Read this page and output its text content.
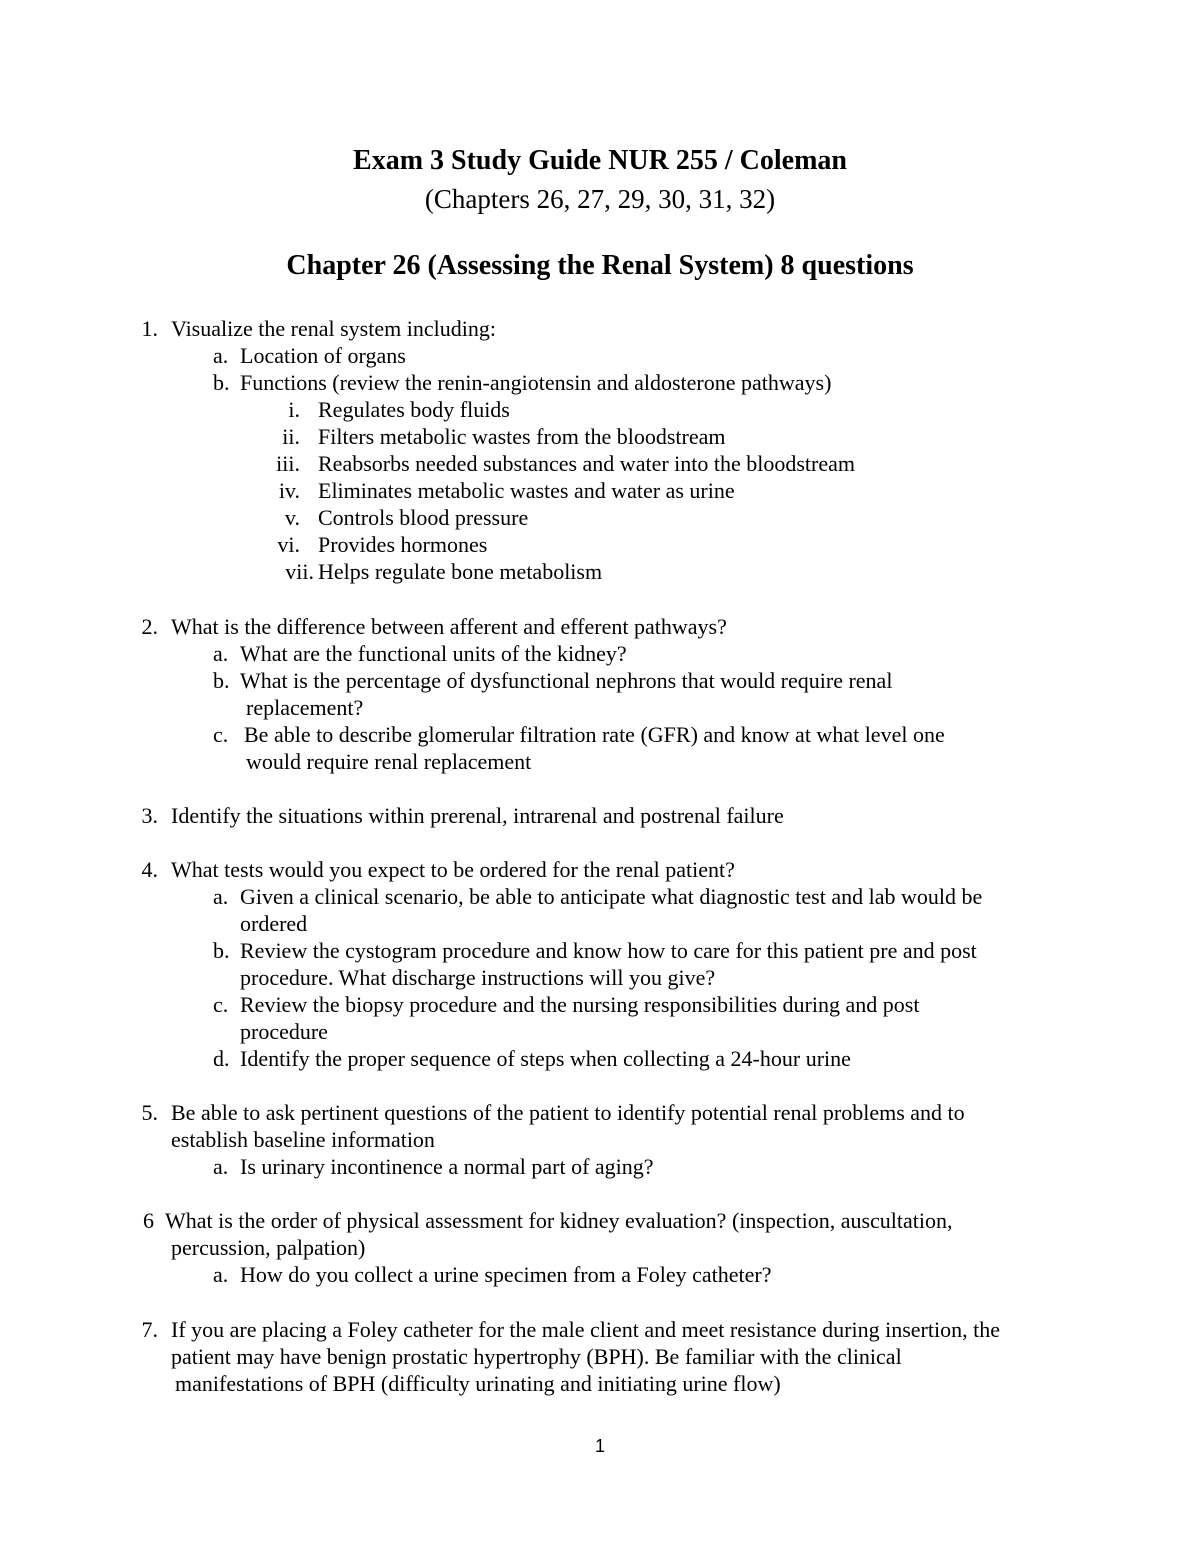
Exam 3 Study Guide NUR 255 / Coleman
(Chapters 26, 27, 29, 30, 31, 32)
Chapter 26 (Assessing the Renal System) 8 questions
1. Visualize the renal system including:
a. Location of organs
b. Functions (review the renin-angiotensin and aldosterone pathways)
i. Regulates body fluids
ii. Filters metabolic wastes from the bloodstream
iii. Reabsorbs needed substances and water into the bloodstream
iv. Eliminates metabolic wastes and water as urine
v. Controls blood pressure
vi. Provides hormones
vii. Helps regulate bone metabolism
2. What is the difference between afferent and efferent pathways?
a. What are the functional units of the kidney?
b. What is the percentage of dysfunctional nephrons that would require renal
replacement?
c. Be able to describe glomerular filtration rate (GFR) and know at what level one
would require renal replacement
3. Identify the situations within prerenal, intrarenal and postrenal failure
4. What tests would you expect to be ordered for the renal patient?
a. Given a clinical scenario, be able to anticipate what diagnostic test and lab would be
ordered
b. Review the cystogram procedure and know how to care for this patient pre and post
procedure. What discharge instructions will you give?
c. Review the biopsy procedure and the nursing responsibilities during and post
procedure
d. Identify the proper sequence of steps when collecting a 24-hour urine
5. Be able to ask pertinent questions of the patient to identify potential renal problems and to
establish baseline information
a. Is urinary incontinence a normal part of aging?
6 What is the order of physical assessment for kidney evaluation? (inspection, auscultation,
percussion, palpation)
a. How do you collect a urine specimen from a Foley catheter?
7. If you are placing a Foley catheter for the male client and meet resistance during insertion, the
patient may have benign prostatic hypertrophy (BPH). Be familiar with the clinical
manifestations of BPH (difficulty urinating and initiating urine flow)
1
